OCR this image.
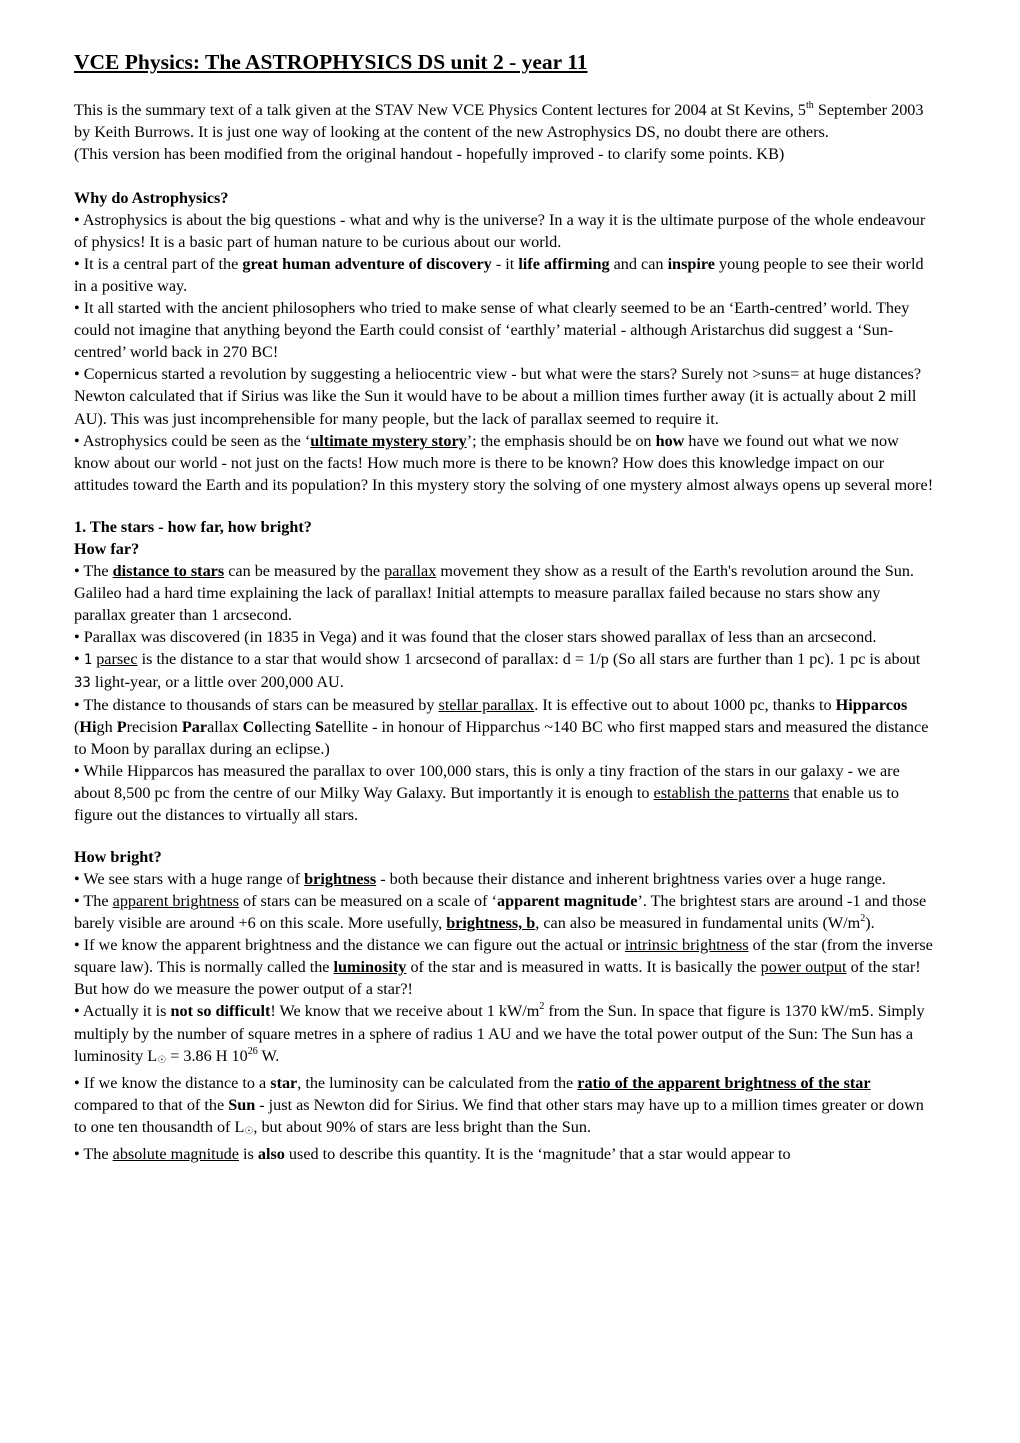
VCE Physics: The ASTROPHYSICS DS unit 2 - year 11

This is the summary text of a talk given at the STAV New VCE Physics Content lectures for 2004 at St Kevins, 5th September 2003 by Keith Burrows. It is just one way of looking at the content of the new Astrophysics DS, no doubt there are others.

(This version has been modified from the original handout - hopefully improved - to clarify some points. KB)

Why do Astrophysics?

• Astrophysics is about the big questions - what and why is the universe? In a way it is the ultimate purpose of the whole endeavour of physics! It is a basic part of human nature to be curious about our world.

• It is a central part of the great human adventure of discovery - it life affirming and can inspire young people to see their world in a positive way.

• It all started with the ancient philosophers who tried to make sense of what clearly seemed to be an ‘Earth-centred’ world. They could not imagine that anything beyond the Earth could consist of ‘earthly’ material - although Aristarchus did suggest a ‘Sun-centred’ world back in 270 BC!

• Copernicus started a revolution by suggesting a heliocentric view - but what were the stars? Surely not >suns= at huge distances? Newton calculated that if Sirius was like the Sun it would have to be about a million times further away (it is actually about 2 mill AU). This was just incomprehensible for many people, but the lack of parallax seemed to require it.

• Astrophysics could be seen as the ‘ultimate mystery story’; the emphasis should be on how have we found out what we now know about our world - not just on the facts! How much more is there to be known? How does this knowledge impact on our attitudes toward the Earth and its population? In this mystery story the solving of one mystery almost always opens up several more!

1. The stars - how far, how bright?

How far?

• The distance to stars can be measured by the parallax movement they show as a result of the Earth's revolution around the Sun. Galileo had a hard time explaining the lack of parallax! Initial attempts to measure parallax failed because no stars show any parallax greater than 1 arcsecond.

• Parallax was discovered (in 1835 in Vega) and it was found that the closer stars showed parallax of less than an arcsecond.

• 1 parsec is the distance to a star that would show 1 arcsecond of parallax: d = 1/p (So all stars are further than 1 pc). 1 pc is about 33 light-year, or a little over 200,000 AU.

• The distance to thousands of stars can be measured by stellar parallax. It is effective out to about 1000 pc, thanks to Hipparcos (High Precision Parallax Collecting Satellite - in honour of Hipparchus ~140 BC who first mapped stars and measured the distance to Moon by parallax during an eclipse.)

• While Hipparcos has measured the parallax to over 100,000 stars, this is only a tiny fraction of the stars in our galaxy - we are about 8,500 pc from the centre of our Milky Way Galaxy. But importantly it is enough to establish the patterns that enable us to figure out the distances to virtually all stars.

How bright?

• We see stars with a huge range of brightness - both because their distance and inherent brightness varies over a huge range.

• The apparent brightness of stars can be measured on a scale of ‘apparent magnitude’. The brightest stars are around -1 and those barely visible are around +6 on this scale. More usefully, brightness, b, can also be measured in fundamental units $(W/m^2)$.

• If we know the apparent brightness and the distance we can figure out the actual or intrinsic brightness of the star (from the inverse square law). This is normally called the luminosity of the star and is measured in watts. It is basically the power output of the star! But how do we measure the power output of a star?!

• Actually it is not so difficult! We know that we receive about 1 $kW/m^2$ from the Sun. In space that figure is 1370 kW/m5. Simply multiply by the number of square metres in a sphere of radius 1 AU and we have the total power output of the Sun: The Sun has a luminosity L☉ = 3.86 H $10^{26}$ W.

• If we know the distance to a star, the luminosity can be calculated from the ratio of the apparent brightness of the star compared to that of the Sun - just as Newton did for Sirius. We find that other stars may have up to a million times greater or down to one ten thousandth of L☉, but about 90% of stars are less bright than the Sun.

• The absolute magnitude is also used to describe this quantity. It is the ‘magnitude’ that a star would appear to
